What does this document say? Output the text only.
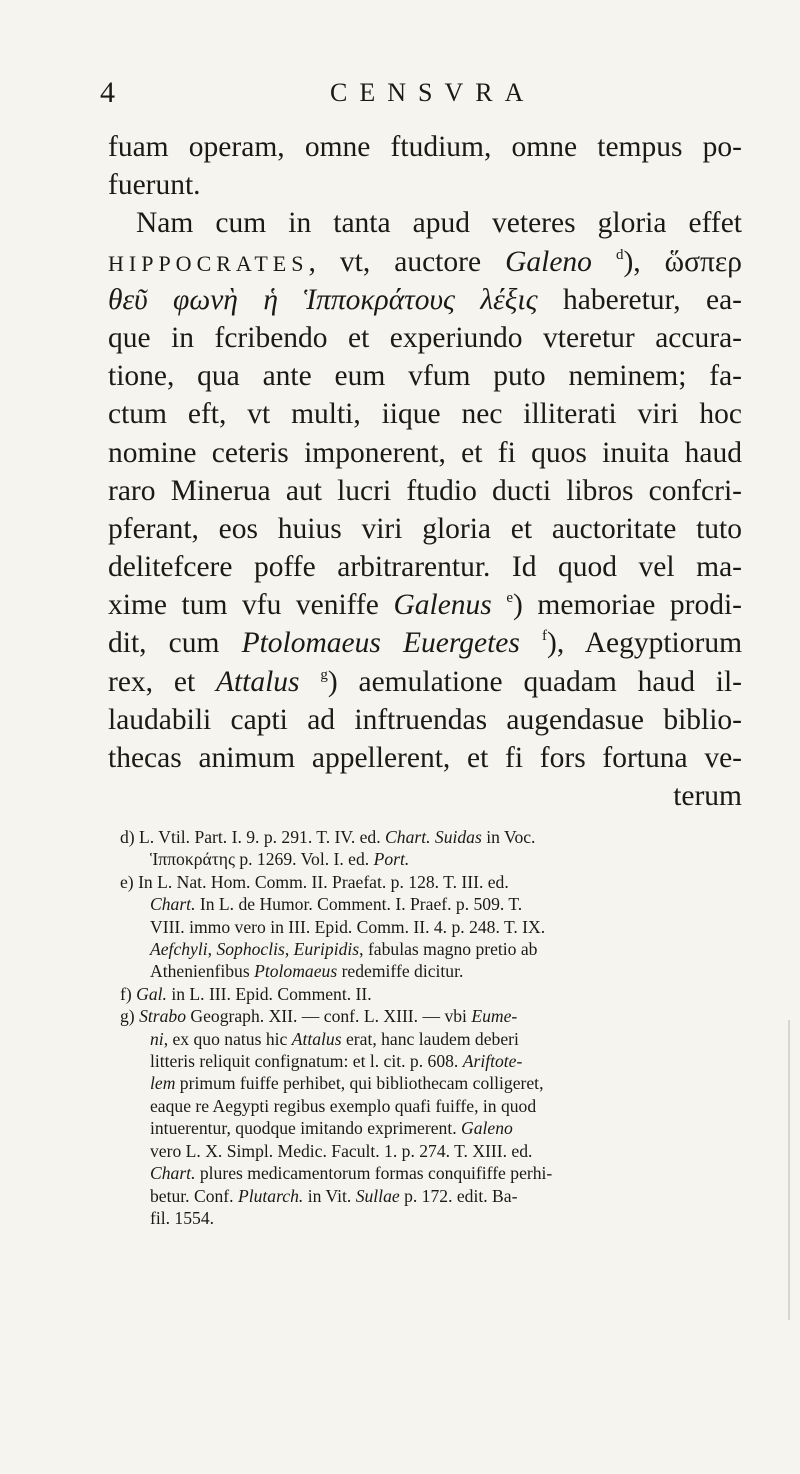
4	CENSVRA
fuam operam, omne ftudium, omne tempus po-
fuerunt.
Nam cum in tanta apud veteres gloria effet
HIPPOCRATES, vt, auctore Galeno $^d$), ὥσπερ
θεῦ φωνὴ ἡ Ἱπποκράτους λέξις haberetur, ea-
que in fcribendo et experiundo vteretur accura-
tione, qua ante eum vfum puto neminem; fa-
ctum eft, vt multi, iique nec illiterati viri hoc
nomine ceteris imponerent, et fi quos inuita haud
raro Minerua aut lucri ftudio ducti libros confcri-
pferant, eos huius viri gloria et auctoritate tuto
delitefcere poffe arbitrarentur. Id quod vel ma-
xime tum vfu veniffe Galenus $^e$) memoriae prodi-
dit, cum Ptolomaeus Euergetes $^f$), Aegyptiorum
rex, et Attalus $^g$) aemulatione quadam haud il-
laudabili capti ad inftruendas augendasue biblio-
thecas animum appellerent, et fi fors fortuna ve-
terum
d) L. Vtil. Part. I. 9. p. 291. T. IV. ed. Chart. Suidas in Voc.
Ἱπποκράτης p. 1269. Vol. I. ed. Port.
e) In L. Nat. Hom. Comm. II. Praefat. p. 128. T. III. ed.
Chart. In L. de Humor. Comment. I. Praef. p. 509. T.
VIII. immo vero in III. Epid. Comm. II. 4. p. 248. T. IX.
Aefchyli, Sophoclis, Euripidis, fabulas magno pretio ab
Athenienfibus Ptolomaeus redemiffe dicitur.
f) Gal. in L. III. Epid. Comment. II.
g) Strabo Geograph. XII. — conf. L. XIII. — vbi Eume-
ni, ex quo natus hic Attalus erat, hanc laudem deberi
litteris reliquit confignatum: et l. cit. p. 608. Ariftote-
lem primum fuiffe perhibet, qui bibliothecam colligeret,
eaque re Aegypti regibus exemplo quafi fuiffe, in quod
intuerentur, quodque imitando exprimerent. Galeno
vero L. X. Simpl. Medic. Facult. 1. p. 274. T. XIII. ed.
Chart. plures medicamentorum formas conquififfe perhi-
betur. Conf. Plutarch. in Vit. Sullae p. 172. edit. Ba-
fil. 1554.
